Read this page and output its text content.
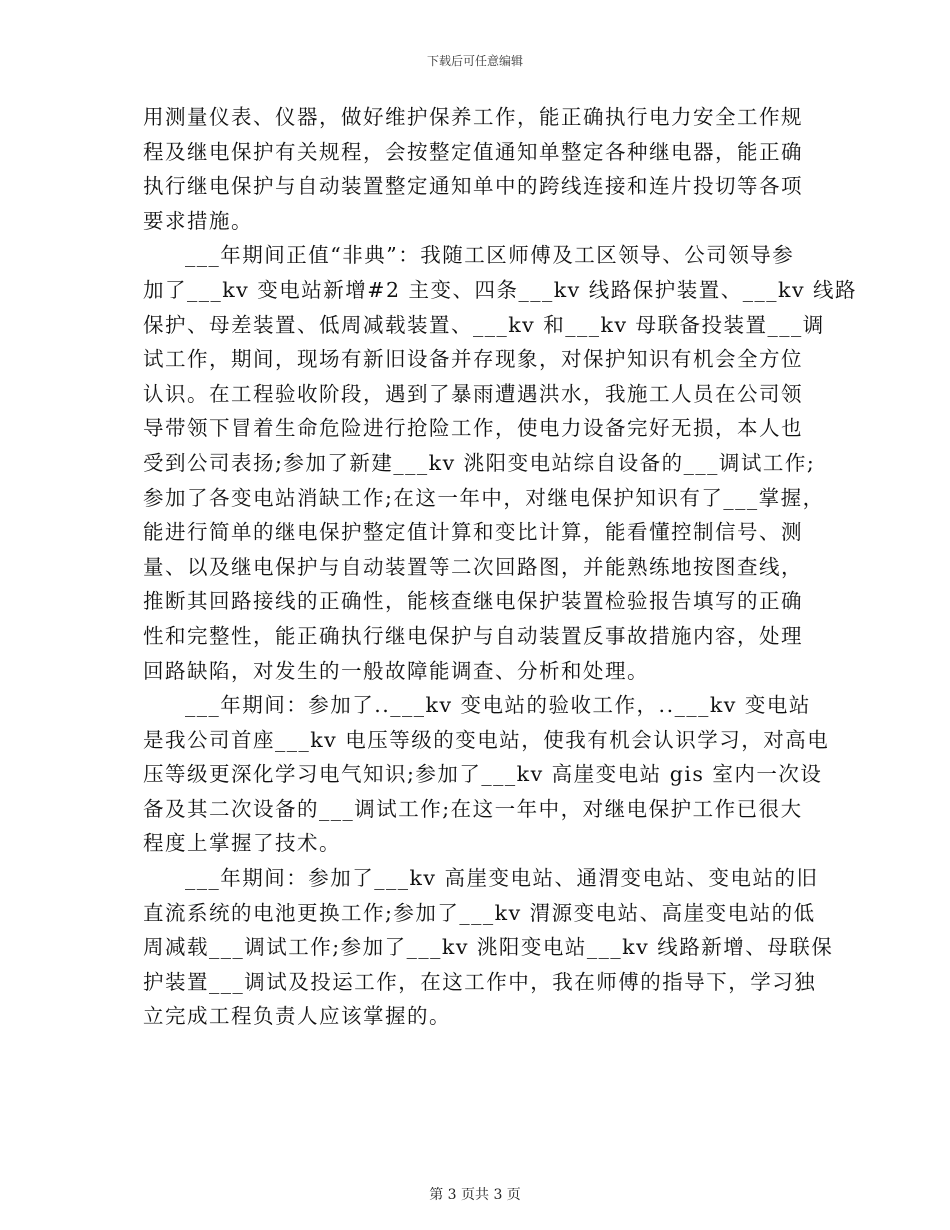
下载后可任意编辑
用测量仪表、仪器，做好维护保养工作，能正确执行电力安全工作规
程及继电保护有关规程，会按整定值通知单整定各种继电器，能正确
执行继电保护与自动装置整定通知单中的跨线连接和连片投切等各项
要求措施。
___年期间正值“非典”：我随工区师傅及工区领导、公司领导参
加了___kv 变电站新增#2 主变、四条___kv 线路保护装置、___kv 线路
保护、母差装置、低周减载装置、___kv 和___kv 母联备投装置___调
试工作，期间，现场有新旧设备并存现象，对保护知识有机会全方位
认识。在工程验收阶段，遇到了暴雨遭遇洪水，我施工人员在公司领
导带领下冒着生命危险进行抢险工作，使电力设备完好无损，本人也
受到公司表扬;参加了新建___kv 洮阳变电站综自设备的___调试工作;
参加了各变电站消缺工作;在这一年中，对继电保护知识有了___掌握，
能进行简单的继电保护整定值计算和变比计算，能看懂控制信号、测
量、以及继电保护与自动装置等二次回路图，并能熟练地按图查线，
推断其回路接线的正确性，能核查继电保护装置检验报告填写的正确
性和完整性，能正确执行继电保护与自动装置反事故措施内容，处理
回路缺陷，对发生的一般故障能调查、分析和处理。
___年期间：参加了..___kv 变电站的验收工作，..___kv 变电站
是我公司首座___kv 电压等级的变电站，使我有机会认识学习，对高电
压等级更深化学习电气知识;参加了___kv 高崖变电站 gis 室内一次设
备及其二次设备的___调试工作;在这一年中，对继电保护工作已很大
程度上掌握了技术。
___年期间：参加了___kv 高崖变电站、通渭变电站、变电站的旧
直流系统的电池更换工作;参加了___kv 渭源变电站、高崖变电站的低
周减载___调试工作;参加了___kv 洮阳变电站___kv 线路新增、母联保
护装置___调试及投运工作，在这工作中，我在师傅的指导下，学习独
立完成工程负责人应该掌握的。
第 3 页共 3 页
